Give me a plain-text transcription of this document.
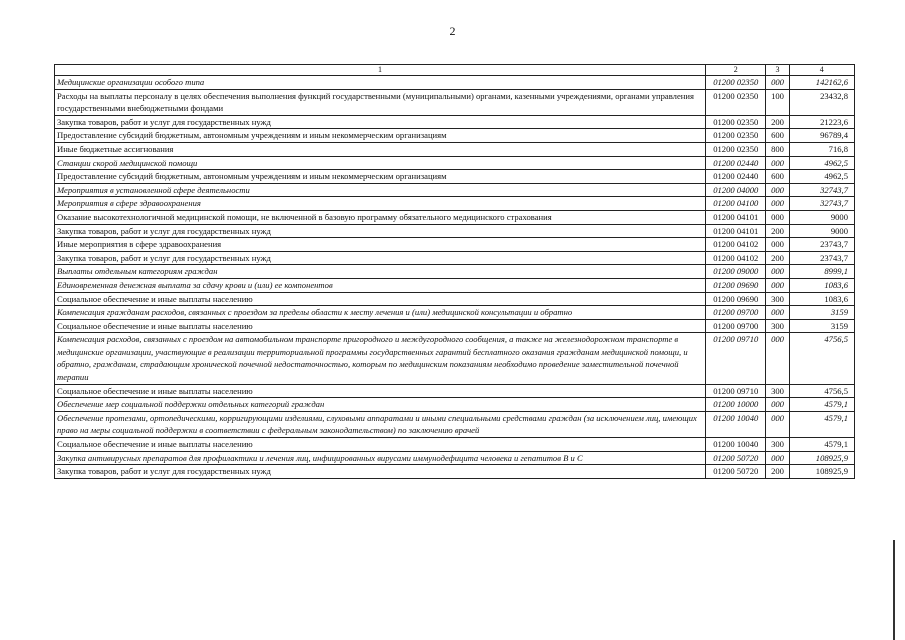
2
1	2	3	4
Медицинские организации особого типа	01200 02350	000	142162,6
Расходы на выплаты персоналу в целях обеспечения выполнения функций государственными (муниципальными) органами, казенными учреждениями, органами управления государственными внебюджетными фондами	01200 02350	100	23432,8
Закупка товаров, работ и услуг для государственных нужд	01200 02350	200	21223,6
Предоставление субсидий бюджетным, автономным учреждениям и иным некоммерческим организациям	01200 02350	600	96789,4
Иные бюджетные ассигнования	01200 02350	800	716,8
Станции скорой медицинской помощи	01200 02440	000	4962,5
Предоставление субсидий бюджетным, автономным учреждениям и иным некоммерческим организациям	01200 02440	600	4962,5
Мероприятия в установленной сфере деятельности	01200 04000	000	32743,7
Мероприятия в сфере здравоохранения	01200 04100	000	32743,7
Оказание высокотехнологичной медицинской помощи, не включенной в базовую программу обязательного медицинского страхования	01200 04101	000	9000
Закупка товаров, работ и услуг для государственных нужд	01200 04101	200	9000
Иные мероприятия в сфере здравоохранения	01200 04102	000	23743,7
Закупка товаров, работ и услуг для государственных нужд	01200 04102	200	23743,7
Выплаты отдельным категориям граждан	01200 09000	000	8999,1
Единовременная денежная выплата за сдачу крови и (или) ее компонентов	01200 09690	000	1083,6
Социальное обеспечение и иные выплаты населению	01200 09690	300	1083,6
Компенсация гражданам расходов, связанных с проездом за пределы области к месту лечения и (или) медицинской консультации и обратно	01200 09700	000	3159
Социальное обеспечение и иные выплаты населению	01200 09700	300	3159
Компенсация расходов, связанных с проездом на автомобильном транспорте пригородного и междугородного сообщения, а также на железнодорожном транспорте в медицинские организации, участвующие в реализации территориальной программы государственных гарантий бесплатного оказания гражданам медицинской помощи, и обратно, гражданам, страдающим хронической почечной недостаточностью, которым по медицинским показаниям необходимо проведение заместительной почечной терапии	01200 09710	000	4756,5
Социальное обеспечение и иные выплаты населению	01200 09710	300	4756,5
Обеспечение мер социальной поддержки отдельных категорий граждан	01200 10000	000	4579,1
Обеспечение протезами, ортопедическими, корригирующими изделиями, слуховыми аппаратами и иными специальными средствами граждан (за исключением лиц, имеющих право на меры социальной поддержки в соответствии с федеральным законодательством) по заключению врачей	01200 10040	000	4579,1
Социальное обеспечение и иные выплаты населению	01200 10040	300	4579,1
Закупка антивирусных препаратов для профилактики и лечения лиц, инфицированных вирусами иммунодефицита человека и гепатитов В и С	01200 50720	000	108925,9
Закупка товаров, работ и услуг для государственных нужд	01200 50720	200	108925,9
